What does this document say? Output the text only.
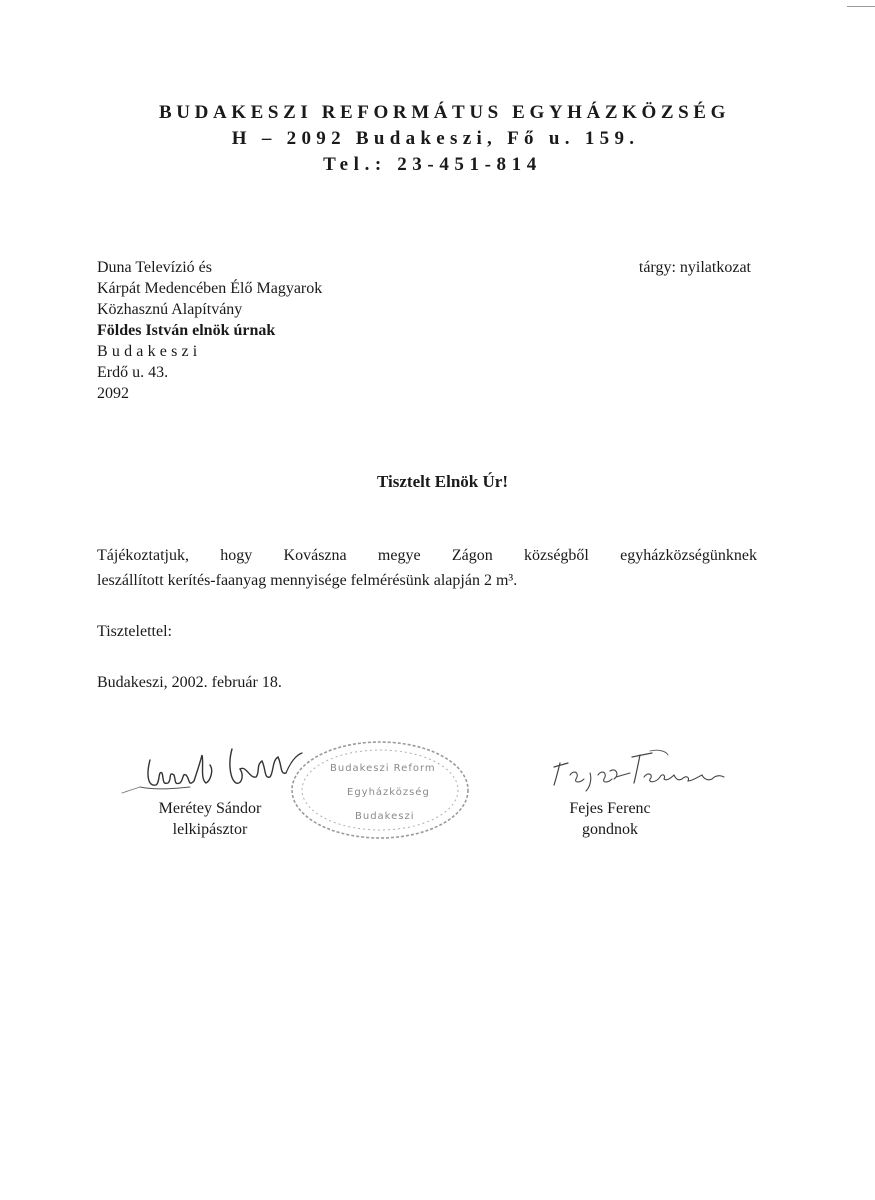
BUDAKESZI REFORMÁTUS EGYHÁZKÖZSÉG
H – 2092 Budakeszi, Fő u. 159.
Tel.: 23-451-814
Duna Televízió és
Kárpát Medencében Élő Magyarok
Közhasznú Alapítvány
Földes István elnök úrnak
Budakeszi
Erdő u. 43.
2092
tárgy: nyilatkozat
Tisztelt Elnök Úr!
Tájékoztatjuk, hogy Kovászna megye Zágon községből egyházközségünknek
leszállított kerítés-faanyag mennyisége felmérésünk alapján 2 m³.
Tisztelettel:
Budakeszi, 2002. február 18.
Budakeszi Reform
Egyházközség
Budakeszi
Merétey Sándor
lelkipásztor
Fejes Ferenc
gondnok
